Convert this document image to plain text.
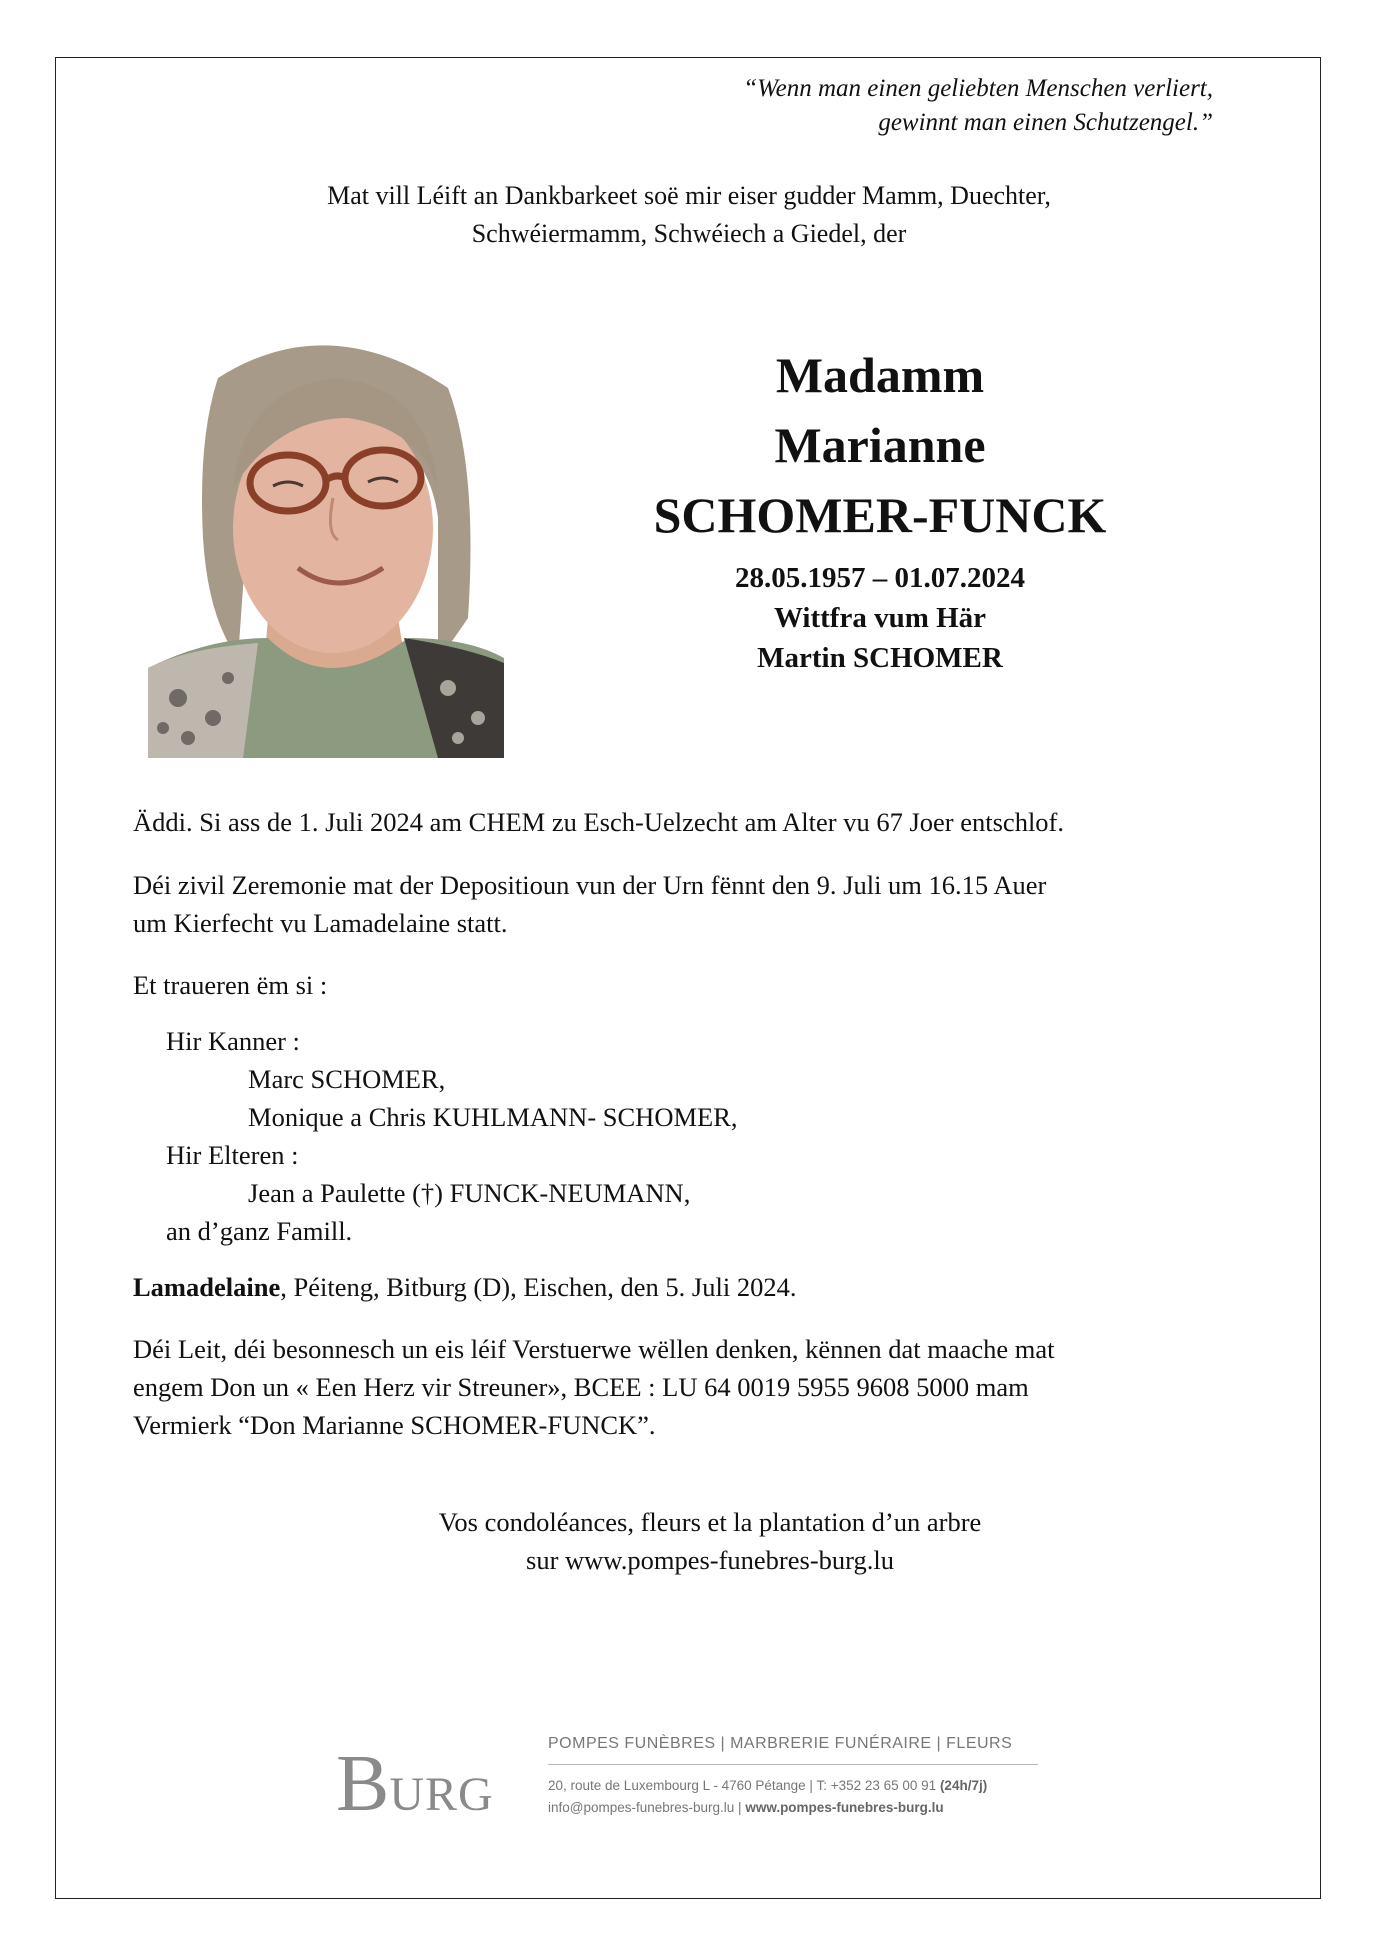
“Wenn man einen geliebten Menschen verliert,
gewinnt man einen Schutzengel.”
Mat vill Léift an Dankbarkeet soë mir eiser gudder Mamm, Duechter,
Schwéiermamm, Schwéiech a Giedel, der
Madamm
Marianne
SCHOMER-FUNCK
28.05.1957 – 01.07.2024
Wittfra vum Här
Martin SCHOMER
Äddi. Si ass de 1. Juli 2024 am CHEM zu Esch-Uelzecht am Alter vu 67 Joer entschlof.
Déi zivil Zeremonie mat der Depositioun vun der Urn fënnt den 9. Juli um 16.15 Auer
um Kierfecht vu Lamadelaine statt.
Et traueren ëm si :
Hir Kanner :
Marc SCHOMER,
Monique a Chris KUHLMANN- SCHOMER,
Hir Elteren :
Jean a Paulette (†) FUNCK-NEUMANN,
an d’ganz Famill.
Lamadelaine, Péiteng, Bitburg (D), Eischen, den 5. Juli 2024.
Déi Leit, déi besonnesch un eis léif Verstuerwe wëllen denken, kënnen dat maache mat
engem Don un « Een Herz vir Streuner», BCEE : LU 64 0019 5955 9608 5000 mam
Vermierk “Don Marianne SCHOMER-FUNCK”.
Vos condoléances, fleurs et la plantation d’un arbre
sur www.pompes-funebres-burg.lu
BURG
POMPES FUNÈBRES | MARBRERIE FUNÉRAIRE | FLEURS
20, route de Luxembourg L - 4760 Pétange | T: +352 23 65 00 91 (24h/7j)
info@pompes-funebres-burg.lu | www.pompes-funebres-burg.lu
